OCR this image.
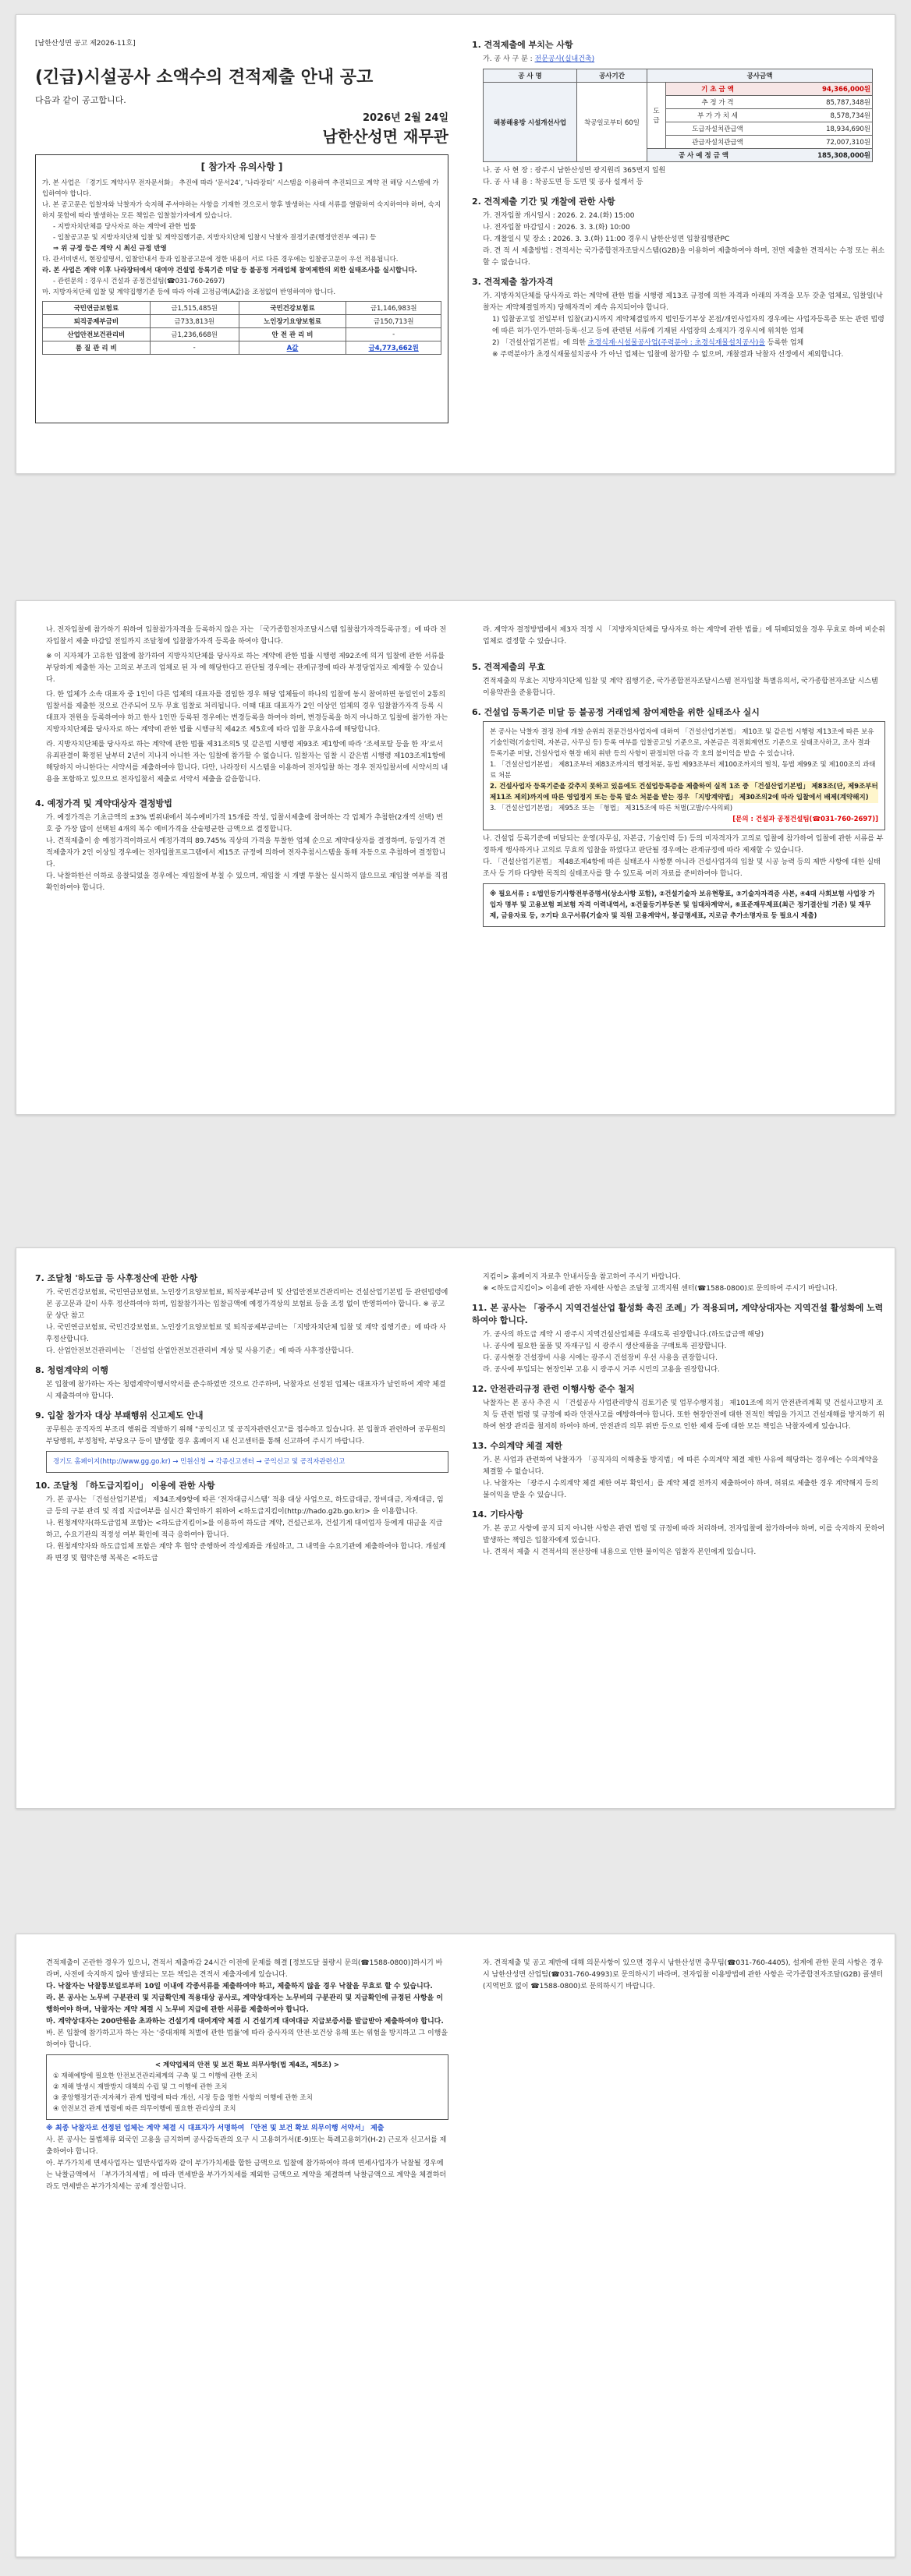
[남한산성면 공고 제2026-11호]

(긴급)시설공사 소액수의 견적제출 안내 공고

다음과 같이 공고합니다.

2026년 2월 24일
남한산성면 재무관
[ 참가자 유의사항 ]

가. 본 사업은 「경기도 계약사무 전자문서화」 추진에 따라 ‘문서24’, ‘나라장터’ 시스템을 이용하여 추진되므로 계약 전 해당 시스템에 가입하여야 합니다.

나. 본 공고문은 입찰자와 낙찰자가 숙지해 주셔야하는 사항을 기재한 것으로서 향후 발생하는 사태 서류를 열람하여 숙지하여야 하며, 숙지하지 못함에 따라 발생하는 모든 책임은 입찰참가자에게 있습니다.

- 지방자치단체를 당사자로 하는 계약에 관한 법률

- 입찰공고문 및 지방자치단체 입찰 및 계약집행기준, 지방자치단체 입찰시 낙찰자 결정기준(행정안전부 예규) 등

⇒ 위 규정 등은 계약 시 최신 규정 반영

다. 관서비변서, 현장설명서, 입찰안내서 등과 입찰공고문에 정한 내용이 서로 다른 경우에는 입찰공고문이 우선 적용됩니다.

라. 본 사업은 계약 이후 나라장터에서 대여야 건설업 등록기준 미달 등 불공정 거래업체 참여제한의 외한 실태조사를 실시합니다.

- 관련문의 : 경우시 건설과 공정건설팀(☎031-760-2697)

마. 지방자치단체 입찰 및 계약집행기준 등에 따라 아래 고정금액(A값)을 조정없이 반영하여야 합니다.

국민연금보험료	금1,515,485원	국민건강보험료	금1,146,983원
퇴직공제부금비	금733,813원	노인장기요양보험료	금150,713원
산업안전보건관리비	금1,236,668원	안 전 관 리 비	-
품 질 관 리 비	-	A값	금4,773,662원
1. 견적제출에 부치는 사항

가. 공 사 구 분 : 전문공사(실내건축)

공 사 명	공사기간	공사금액	
해봉해용방 시설개선사업	착공일로부터 60일	도급	기 초 금 액 94,366,000원

			추 정 가 격 85,787,348원

			부 가 가 치 세 8,578,734원

			도급자설치관급액 18,934,690원

			관급자설치관급액 72,007,310원

		공 사 예 정 금 액 185,308,000원	

나. 공 사 현 장 : 광주시 남한산성면 광지원리 365번지 일원

다. 공 사 내 용 : 착공도면 등 도면 및 공사 설계서 등

2. 견적제출 기간 및 개찰에 관한 사항

가. 전자입찰 개시일시 : 2026. 2. 24.(화) 15:00

나. 전자입찰 마감일시 : 2026. 3. 3.(화) 10:00

다. 개찰일시 및 장소 : 2026. 3. 3.(화) 11:00 경우시 남한산성면 입찰집행관PC

라. 견 적 서 제출방법 : 견적서는 국가종합전자조달시스템(G2B)을 이용하여 제출하여야 하며, 전면 제출한 견적서는 수정 또는 취소할 수 없습니다.

3. 견적제출 참가자격

가. 지방자치단체를 당사자로 하는 계약에 관한 법률 시행령 제13조 규정에 의한 자격과 아래의 자격을 모두 갖춘 업체로, 입찰일(낙찰자는 계약체결일까지) 당해자격이 계속 유지되어야 합니다.

1) 입찰공고일 전일부터 입찰(교)시까지 계약체결일까지 법인등기부상 본점/개인사업자의 경우에는 사업자등록증 또는 관련 법령에 따른 허가·인가·면허·등록·신고 등에 관련된 서류에 기재된 사업장의 소재지가 경우시에 위치한 업체

2) 「건설산업기본법」에 의한 초경식재·시설물공사업(주력분야 : 초경식재물설치공사)을 등록한 업체

※ 주력분야가 초경식재물설치공사 가 아닌 업체는 입찰에 참가할 수 없으며, 개찰결과 낙찰자 선정에서 제외합니다.

나. 전자입찰에 참가하기 위하여 입찰참가자격을 등록하지 않은 자는 「국가종합전자조달시스템 입찰참가자격등록규정」에 따라 전자입찰서 제출 마감일 전일까지 조달청에 입찰참가자격 등록을 하여야 합니다.

※ 이 지자체가 고유한 입찰에 참가하여 지방자치단체를 당사자로 하는 계약에 관한 법률 시행령 제92조에 의거 입찰에 관한 서류를 부당하게 제출한 자는 고의로 부조리 업체로 된 자 에 해당한다고 판단될 경우에는 관계규정에 따라 부정당업자로 제재할 수 있습니다.

다. 한 업체가 소속 대표자 중 1인이 다른 업체의 대표자를 겸임한 경우 해당 업체들이 하나의 입찰에 동시 참여하면 동일인이 2통의 입찰서를 제출한 것으로 간주되어 모두 무효 입찰로 처리됩니다. 이때 대표 대표자가 2인 이상인 업체의 경우 입찰참가자격 등록 시 대표자 전원을 등록하여야 하고 한사 1인만 등록된 경우에는 변경등록을 하여야 하며, 변경등록을 하지 아니하고 입찰에 참가한 자는 지방자치단체를 당사자로 하는 계약에 관한 법률 시행규칙 제42조 제5호에 따라 입찰 무효사유에 해당합니다.

라. 지방자치단체를 당사자로 하는 계약에 관한 법률 제31조의5 및 같은법 시행령 제93조 제1항에 따라 ‘조세포탈 등을 한 자’로서 유죄판결이 확정된 날부터 2년이 지나지 아니한 자는 입찰에 참가할 수 없습니다. 입찰자는 입찰 시 같은법 시행령 제103조제1항에 해당하지 아니한다는 서약서를 제출하여야 합니다. 다만, 나라장터 시스템을 이용하여 전자입찰 하는 경우 전자입찰서에 서약서의 내용을 포함하고 있으므로 전자입찰서 제출로 서약서 제출을 갈음합니다.

4. 예정가격 및 계약대상자 결정방법

가. 예정가격은 기초금액의 ±3% 범위내에서 복수예비가격 15개를 작성, 입찰서제출에 참여하는 각 업체가 추첨한(2개씩 선택) 번호 중 가장 많이 선택된 4개의 복수 예비가격을 산술평균한 금액으로 결정합니다.

나. 견적제출이 송 예정가격이하로서 예정가격의 89.745% 직상의 가격을 투찰한 업체 순으로 계약대상자를 결정하며, 동일가격 견적제출자가 2인 이상일 경우에는 전자입찰프로그램에서 제15조 규정에 의하여 전자추첨시스템을 통해 자동으로 추첨하여 결정합니다.

다. 낙찰하한선 이하로 응찰되었을 경우에는 재입찰에 부칠 수 있으며, 재입찰 시 개별 투찰는 실시하지 않으므로 재입찰 여부를 직접 확인하여야 합니다.

라. 계약자 결정방법에서 제3자 적정 시 「지방자치단체를 당사자로 하는 계약에 관한 법률」에 뒤떼되었을 경우 무효로 하며 비순위 업체로 결정할 수 있습니다.

5. 견적제출의 무효

견적제출의 무효는 지방자치단체 입찰 및 계약 집행기준, 국가종합전자조달시스템 전자입찰 특별유의서, 국가종합전자조달 시스템 이용약관을 준용합니다.

6. 건설업 등록기준 미달 등 불공정 거래업체 참여제한을 위한 실태조사 실시

본 공사는 낙찰자 결정 전에 개찰 순위의 전문건설사업자에 대하여 「건설산업기본법」 제10조 및 같은법 시행령 제13조에 따른 보유 기술인력(기술인력, 자본금, 사무실 등) 등록 여부를 입찰공고일 기준으로, 자본금은 직전회계연도 기준으로 실태조사하고, 조사 결과 등록기준 미달, 건설사업자 현장 배치 위반 등의 사항이 판정되면 다음 각 호의 불이익을 받을 수 있습니다.

1. 「건설산업기본법」 제81조부터 제83조까지의 행정처분, 동법 제93조부터 제100조까지의 벌칙, 동법 제99조 및 제100조의 과태료 처분

2. 건설사업자 등록기준을 갖추지 못하고 있음에도 건설업등록증을 제출하여 실적 1조 중 「건설산업기본법」 제83조(단, 제9조부터 제11조 제외)까지에 따른 영업정지 또는 등록 말소 처분을 받는 경우 「지방계약법」 제30조의2에 따라 입찰에서 배제(계약해지)

3. 「건설산업기본법」 제95조 또는 「형법」 제315조에 따른 처벌(고발/수사의뢰)

[문의 : 건설과 공정건설팀(☎031-760-2697)]

나. 건설업 등록기준에 미달되는 운영(자무실, 자본금, 기술인력 등) 등의 미자격자가 고의로 입찰에 참가하여 입찰에 관한 서류를 부정하게 행사하거나 고의로 무효의 입찰을 하였다고 판단될 경우에는 관계규정에 따라 제재할 수 있습니다.

다. 「건설산업기본법」 제48조제4항에 따른 실태조사 사항뿐 아니라 건설사업자의 입찰 및 시공 능력 등의 제반 사항에 대한 실태조사 등 기타 다양한 목적의 실태조사를 할 수 있도록 여러 자료를 준비하여야 합니다.

※ 필요서류 : ①법인등기사항전부증명서(상소사항 포함), ②건설기술자 보유현황표, ③기술자자격증 사본, ④4대 사회보험 사업장 가입자 명부 및 고용보험 피보험 자격 이력내역서, ⑤건물등기부등본 및 임대차계약서, ⑥표준재무제표(최근 정기결산일 기준) 및 재무제, 금융자료 등, ⑦기타 요구서류(기술자 및 직원 고용계약서, 봉급명세표, 지로금 추가소명자료 등 필요시 제출)

7. 조달청 '하도급 등 사후정산에 관한 사항

가. 국민건강보험료, 국민연금보험료, 노인장기요양보험료, 퇴직공제부금비 및 산업안전보건관리비는 건설산업기본법 등 관련법령에 본 공고문과 같이 사후 정산하여야 하며, 입찰참가자는 입찰금액에 예정가격상의 보험료 등을 조정 없이 반영하여야 합니다. ※ 공고문 상단 참고

나. 국민연금보험료, 국민건강보험료, 노인장기요양보험료 및 퇴직공제부금비는 「지방자치단체 입찰 및 계약 집행기준」에 따라 사후정산합니다.

다. 산업안전보건관리비는 「건설업 산업안전보건관리비 계상 및 사용기준」에 따라 사후정산합니다.

8. 청렴계약의 이행

본 입찰에 참가하는 자는 청렴계약이행서약서를 준수하였만 것으로 간주하며, 낙찰자로 선정된 업체는 대표자가 날인하여 계약 체결 시 제출하여야 합니다.

9. 입찰 참가자 대상 부패행위 신고제도 안내

공무원은 공직자의 부조리 행위를 적발하기 위해 "공익신고 및 공직자관련신고"를 접수하고 있습니다. 본 입찰과 관련하여 공무원의 부당행위, 부정청탁, 부당요구 등이 발생할 경우 홈페이지 내 신고센터를 통해 신고하여 주시기 바랍니다.

경기도 홈페이지(http://www.gg.go.kr) → 민원신청 → 각종신고센터 → 공익신고 및 공직자관련신고

10. 조달청 「하도급지킴이」 이용에 관한 사항

가. 본 공사는 「건설산업기본법」 제34조제9항에 따른 ‘전자대금시스템’ 적용 대상 사업으로, 하도급대금, 장비대금, 자재대금, 임금 등의 구분 관리 및 직접 지급여부를 실시간 확인하기 위하여 <하도급지킴이(http://hado.g2b.go.kr)> 을 이용합니다.

나. 원청계약자(하도급업체 포함)는 <하도급지킴이>를 이용하여 하도급 계약, 건설근로자, 건설기계 대여업자 등에게 대금을 지급하고, 수요기관의 적정성 여부 확인에 적극 응하여야 합니다.

다. 원청계약자와 하도급업체 포함은 계약 후 협약 준행하여 작성계좌를 개설하고, 그 내역을 수요기관에 제출하여야 합니다. 개설계좌 변경 및 협약은행 복북은 <하도급

지킴이> 홈페이지 자료추 안내서등을 참고하여 주시기 바랍니다.

※ <하도급지킴이> 이용에 관한 자세한 사항은 조달청 고객지원 센터(☎1588-0800)로 문의하여 주시기 바랍니다.

11. 본 공사는 「광주시 지역건설산업 활성화 촉진 조례」가 적용되며, 계약상대자는 지역건설 활성화에 노력하여야 합니다.

가. 공사의 하도급 계약 시 광주시 지역건설산업체를 우대도록 권장합니다.(하도급금액 해당)

나. 공사에 필요한 물품 및 자재구입 시 광주시 생산제품을 구매토록 권장합니다.

다. 공사현장 건설장비 사용 시에는 광주시 건설장비 우선 사용을 권장합니다.

라. 공사에 투입되는 현장인부 고용 시 광주시 거주 시민의 고용을 권장합니다.

12. 안전관리규정 관련 이행사항 준수 철저

낙찰자는 본 공사 추진 시 「건설공사 사업관리방식 검토기준 및 업무수행지침」 제101조에 의거 안전관리계획 및 건설사고방지 조치 등 관련 법령 및 규정에 따라 안전사고를 예방하여야 합니다. 또한 현장안전에 대한 전적인 책임을 가지고 건설재해를 방지하기 위하여 현장 관리를 철저히 하여야 하며, 안전관리 의무 위반 등으로 인한 제재 등에 대한 모든 책임은 낙찰자에게 있습니다.

13. 수의계약 체결 제한

가. 본 사업과 관련하여 낙찰자가 「공직자의 이해충돌 방지법」에 따른 수의계약 체결 제한 사유에 해당하는 경우에는 수의계약을 체결할 수 없습니다.

나. 낙찰자는 「광주시 수의계약 체결 제한 여부 확인서」를 계약 체결 전까지 제출하여야 하며, 허위로 제출한 경우 계약해지 등의 불이익을 받을 수 있습니다.

14. 기타사항

가. 본 공고 사항에 공지 되지 아니한 사항은 관련 법령 및 규정에 따라 처리하며, 전자입찰에 참가하여야 하며, 이를 숙지하지 못하여 발생하는 책임은 입찰자에게 있습니다.

나. 견적서 제출 시 견적서의 전산장애 내용으로 인한 불이익은 입찰자 본인에게 있습니다.

견적제출이 곤란한 경우가 있으니, 견적서 제출마감 24시간 이전에 문제를 해결 [정보도달 불량시 문의(☎1588-0800)]하시기 바라며, 사전에 숙지하지 않아 발생되는 모든 책임은 견적서 제출자에게 있습니다.

다. 낙찰자는 낙찰통보일로부터 10일 이내에 각종서류를 제출하여야 하고, 제출하지 않을 경우 낙찰을 무효로 할 수 있습니다.

라. 본 공사는 노무비 구분관리 및 지급확인제 적용대상 공사로, 계약상대자는 노무비의 구분관리 및 지급확인에 규정된 사항을 이행하여야 하며, 낙찰자는 계약 체결 시 노무비 지급에 관한 서류를 제출하여야 합니다.

마. 계약상대자는 200만원을 초과하는 건설기계 대여계약 체결 시 건설기계 대여대금 지급보증서를 발급받아 제출하여야 합니다.

바. 본 입찰에 참가하고자 하는 자는 ‘중대재해 처벌에 관한 법률’에 따라 중사자의 안전·보건상 유해 또는 위험을 방지하고 그 이행을 하여야 합니다.

< 계약업체의 안전 및 보건 확보 의무사항(법 제4조, 제5조) >

① 재해예방에 필요한 안전보건관리체계의 구축 및 그 이행에 관한 조치

② 재해 발생시 재발방지 대책의 수립 및 그 이행에 관한 조치

③ 중앙행정기관·지자체가 관계 법령에 따라 개선, 시정 등을 명한 사항의 이행에 관한 조치

④ 안전보건 관계 법령에 따른 의무이행에 필요한 관리상의 조치

※ 최종 낙찰자로 선정된 업체는 계약 체결 시 대표자가 서명하여 「안전 및 보건 확보 의무이행 서약서」 제출

사. 본 공사는 불법체류 외국인 고용을 금지하며 공사감독관의 요구 시 고용허가서(E-9)또는 특례고용허가(H-2) 근로자 신고서를 제출하여야 합니다.

아. 부가가치세 면세사업자는 일반사업자와 같이 부가가치세를 합한 금액으로 입찰에 참가하여야 하며 면세사업자가 낙찰될 경우에는 낙찰금액에서 「부가가치세법」에 따라 면세받을 부가가치세를 제외한 금액으로 계약을 체결하며 낙찰금액으로 계약을 체결하더라도 면세받은 부가가치세는 공제 정산합니다.

자. 견적제출 및 공고 제반에 대해 의문사항이 있으면 경우시 남한산성면 총무팀(☎031-760-4405), 설계에 관한 문의 사항은 경우시 남한산성면 산업팀(☎031-760-4993)로 문의하시기 바라며, 전자입찰 이용방법에 관한 사항은 국가종합전자조달(G2B) 콜센터(지역번호 없이 ☎1588-0800)로 문의하시기 바랍니다.
